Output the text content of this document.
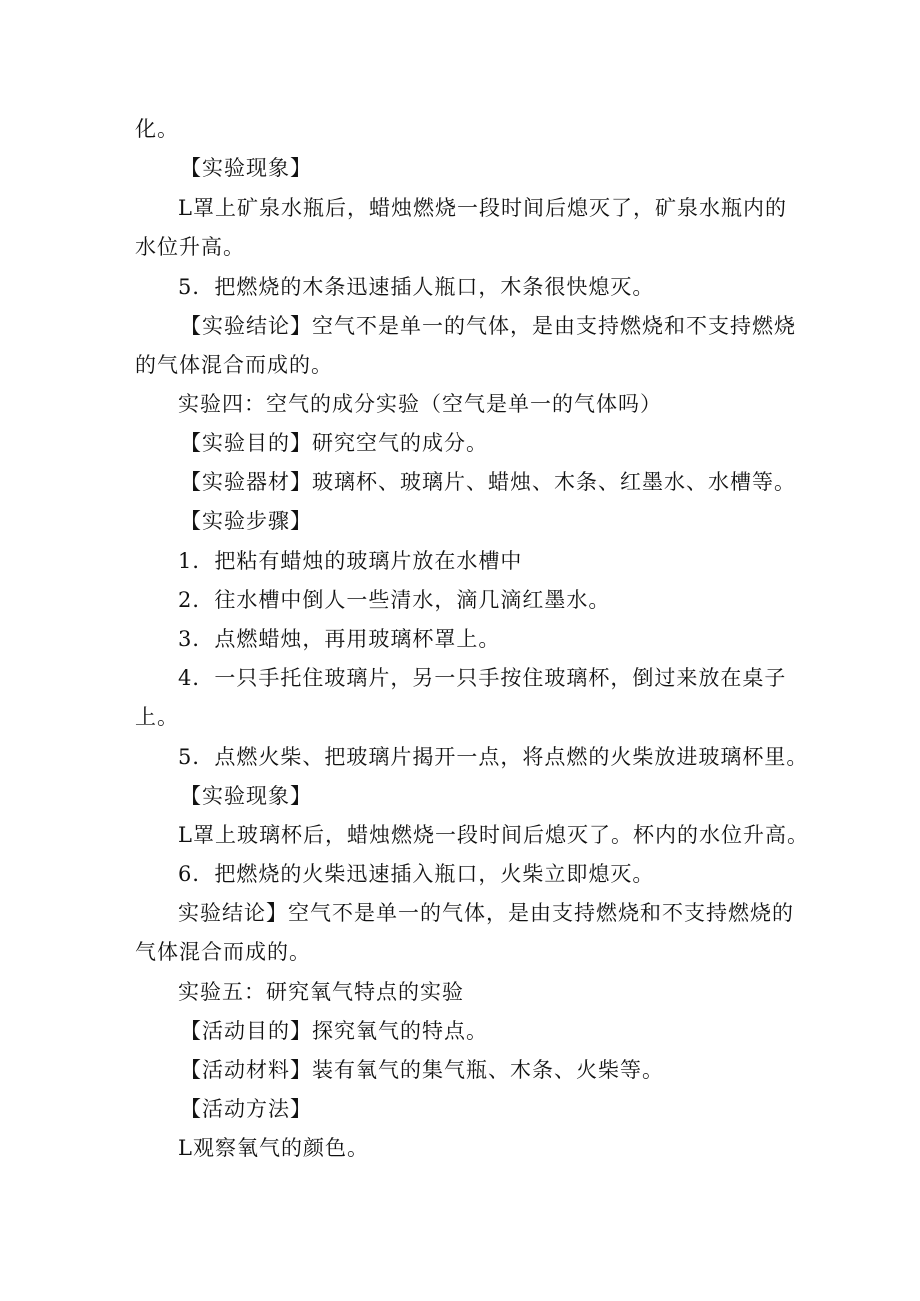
化。
【实验现象】
L罩上矿泉水瓶后，蜡烛燃烧一段时间后熄灭了，矿泉水瓶内的
水位升高。
5．把燃烧的木条迅速插人瓶口，木条很快熄灭。
【实验结论】空气不是单一的气体，是由支持燃烧和不支持燃烧
的气体混合而成的。
实验四：空气的成分实验（空气是单一的气体吗）
【实验目的】研究空气的成分。
【实验器材】玻璃杯、玻璃片、蜡烛、木条、红墨水、水槽等。
【实验步骤】
1．把粘有蜡烛的玻璃片放在水槽中
2．往水槽中倒人一些清水，滴几滴红墨水。
3．点燃蜡烛，再用玻璃杯罩上。
4．一只手托住玻璃片，另一只手按住玻璃杯，倒过来放在桌子
上。
5．点燃火柴、把玻璃片揭开一点，将点燃的火柴放进玻璃杯里。
【实验现象】
L罩上玻璃杯后，蜡烛燃烧一段时间后熄灭了。杯内的水位升高。
6．把燃烧的火柴迅速插入瓶口，火柴立即熄灭。
实验结论】空气不是单一的气体，是由支持燃烧和不支持燃烧的
气体混合而成的。
实验五：研究氧气特点的实验
【活动目的】探究氧气的特点。
【活动材料】装有氧气的集气瓶、木条、火柴等。
【活动方法】
L观察氧气的颜色。
